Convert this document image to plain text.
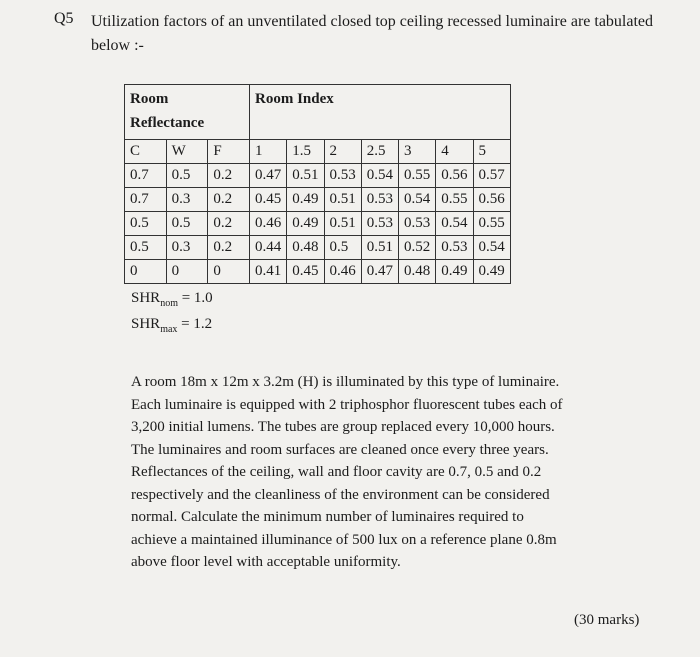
Q5 Utilization factors of an unventilated closed top ceiling recessed luminaire are tabulated below :-
Room Reflectance			Room Index						
C	W	F	1	1.5	2	2.5	3	4	5
0.7	0.5	0.2	0.47	0.51	0.53	0.54	0.55	0.56	0.57
0.7	0.3	0.2	0.45	0.49	0.51	0.53	0.54	0.55	0.56
0.5	0.5	0.2	0.46	0.49	0.51	0.53	0.53	0.54	0.55
0.5	0.3	0.2	0.44	0.48	0.5	0.51	0.52	0.53	0.54
0	0	0	0.41	0.45	0.46	0.47	0.48	0.49	0.49
$SHR_{nom} = 1.0$
$SHR_{max} = 1.2$
A room 18m x 12m x 3.2m (H) is illuminated by this type of luminaire. Each luminaire is equipped with 2 triphosphor fluorescent tubes each of 3,200 initial lumens. The tubes are group replaced every 10,000 hours. The luminaires and room surfaces are cleaned once every three years. Reflectances of the ceiling, wall and floor cavity are 0.7, 0.5 and 0.2 respectively and the cleanliness of the environment can be considered normal. Calculate the minimum number of luminaires required to achieve a maintained illuminance of 500 lux on a reference plane 0.8m above floor level with acceptable uniformity.
(30 marks)
